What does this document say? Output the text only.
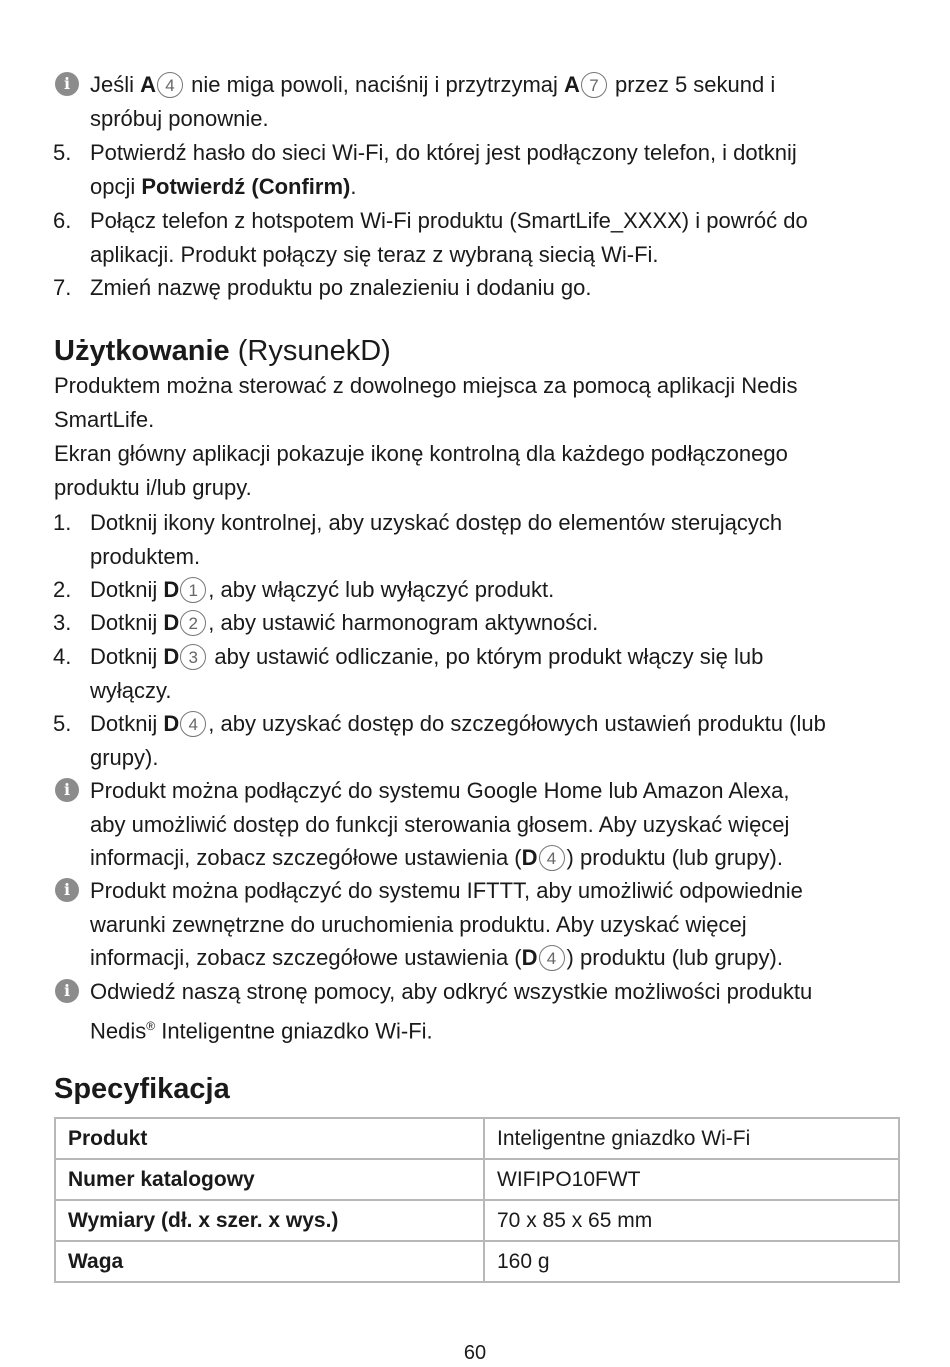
i Jeśli A 4 nie miga powoli, naciśnij i przytrzymaj A 7 przez 5 sekund i
spróbuj ponownie.
5. Potwierdź hasło do sieci Wi-Fi, do której jest podłączony telefon, i dotknij
opcji Potwierdź (Confirm).
6. Połącz telefon z hotspotem Wi-Fi produktu (SmartLife_XXXX) i powróć do
aplikacji. Produkt połączy się teraz z wybraną siecią Wi-Fi.
7. Zmień nazwę produktu po znalezieniu i dodaniu go.
Użytkowanie (RysunekD)
Produktem można sterować z dowolnego miejsca za pomocą aplikacji Nedis
SmartLife.
Ekran główny aplikacji pokazuje ikonę kontrolną dla każdego podłączonego
produktu i/lub grupy.
1. Dotknij ikony kontrolnej, aby uzyskać dostęp do elementów sterujących
produktem.
2. Dotknij D 1 , aby włączyć lub wyłączyć produkt.
3. Dotknij D 2 , aby ustawić harmonogram aktywności.
4. Dotknij D 3 aby ustawić odliczanie, po którym produkt włączy się lub
wyłączy.
5. Dotknij D 4 , aby uzyskać dostęp do szczegółowych ustawień produktu (lub
grupy).
i Produkt można podłączyć do systemu Google Home lub Amazon Alexa,
aby umożliwić dostęp do funkcji sterowania głosem. Aby uzyskać więcej
informacji, zobacz szczegółowe ustawienia (D 4 ) produktu (lub grupy).
i Produkt można podłączyć do systemu IFTTT, aby umożliwić odpowiednie
warunki zewnętrzne do uruchomienia produktu. Aby uzyskać więcej
informacji, zobacz szczegółowe ustawienia (D 4 ) produktu (lub grupy).
i Odwiedź naszą stronę pomocy, aby odkryć wszystkie możliwości produktu
Nedis® Inteligentne gniazdko Wi-Fi.
Specyfikacja
Produkt	Inteligentne gniazdko Wi-Fi
Numer katalogowy	WIFIPO10FWT
Wymiary (dł. x szer. x wys.)	70 x 85 x 65 mm
Waga	160 g
60
